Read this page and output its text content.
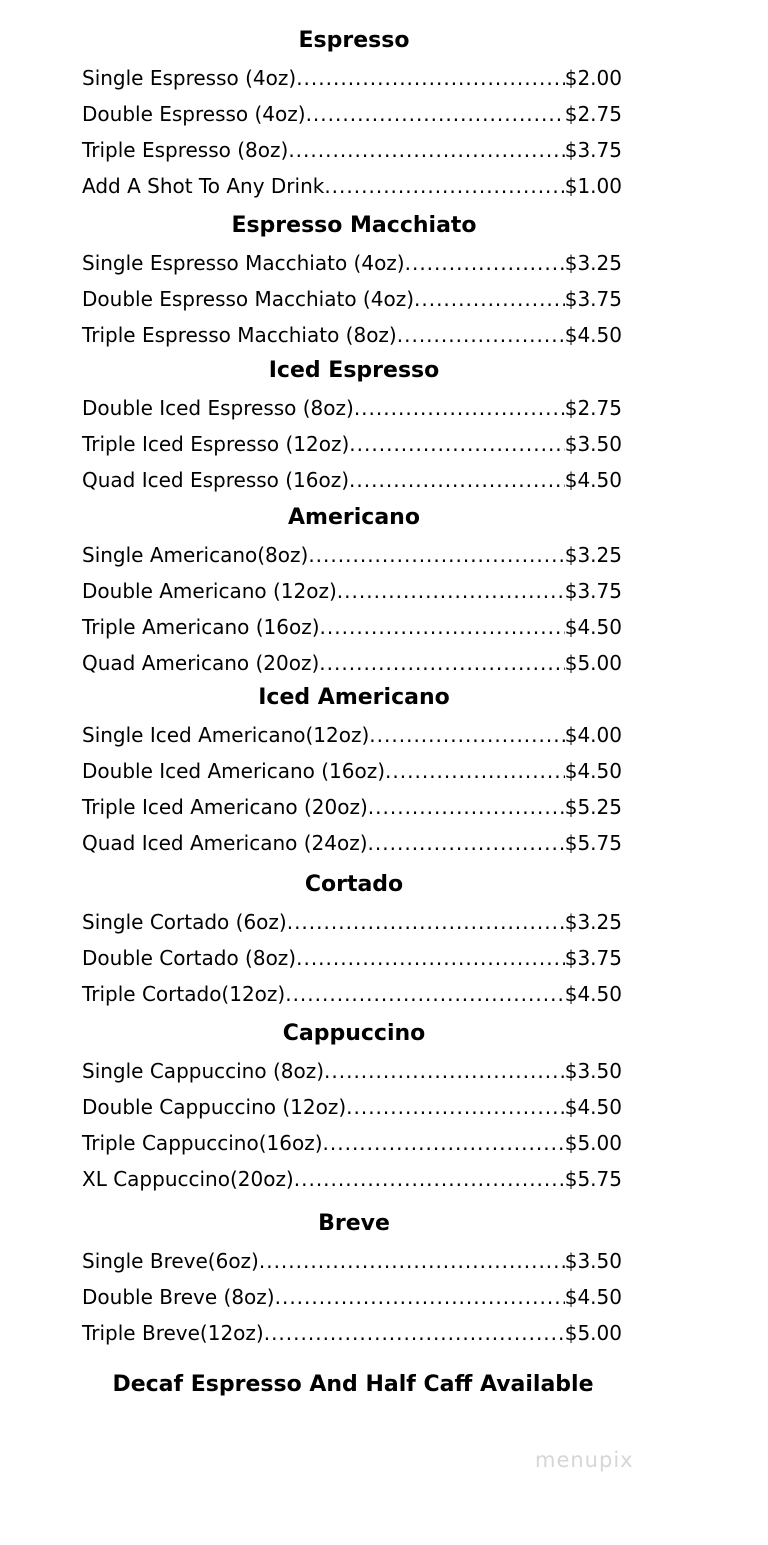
Espresso
Single Espresso (4oz) .....	$2.00
Double Espresso (4oz) .....	$2.75
Triple Espresso (8oz) .....	$3.75
Add A Shot To Any Drink .....	$1.00
Espresso Macchiato
Single Espresso Macchiato (4oz) .....	$3.25
Double Espresso Macchiato (4oz) .....	$3.75
Triple Espresso Macchiato (8oz) .....	$4.50
Iced Espresso
Double Iced Espresso (8oz) .....	$2.75
Triple Iced Espresso (12oz) .....	$3.50
Quad Iced Espresso (16oz) .....	$4.50
Americano
Single Americano(8oz) .....	$3.25
Double Americano (12oz) .....	$3.75
Triple Americano (16oz) .....	$4.50
Quad Americano (20oz) .....	$5.00
Iced Americano
Single Iced Americano(12oz) .....	$4.00
Double Iced Americano (16oz) .....	$4.50
Triple Iced Americano (20oz) .....	$5.25
Quad Iced Americano (24oz) .....	$5.75
Cortado
Single Cortado (6oz) .....	$3.25
Double Cortado (8oz) .....	$3.75
Triple Cortado(12oz) .....	$4.50
Cappuccino
Single Cappuccino (8oz) .....	$3.50
Double Cappuccino (12oz) .....	$4.50
Triple Cappuccino(16oz) .....	$5.00
XL Cappuccino(20oz) .....	$5.75
Breve
Single Breve(6oz) .....	$3.50
Double Breve (8oz) .....	$4.50
Triple Breve(12oz) .....	$5.00
Decaf Espresso And Half Caff Available
menupix
